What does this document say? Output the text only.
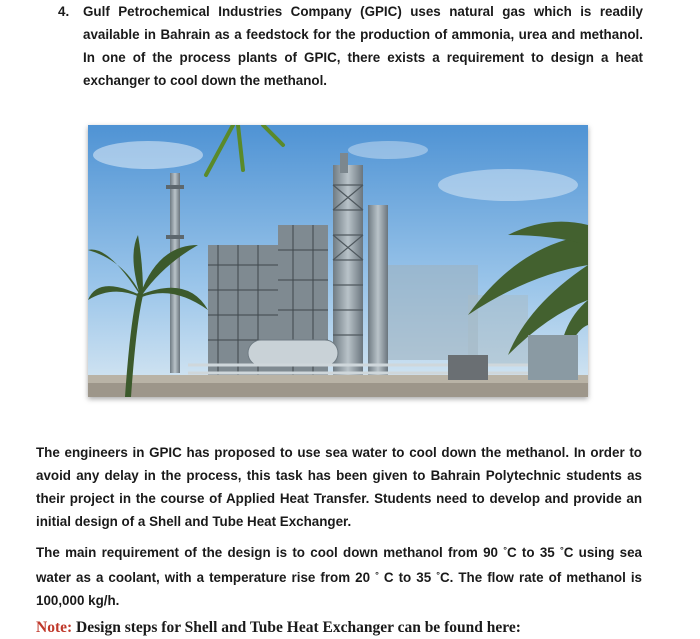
4. Gulf Petrochemical Industries Company (GPIC) uses natural gas which is readily available in Bahrain as a feedstock for the production of ammonia, urea and methanol. In one of the process plants of GPIC, there exists a requirement to design a heat exchanger to cool down the methanol.
The engineers in GPIC has proposed to use sea water to cool down the methanol. In order to avoid any delay in the process, this task has been given to Bahrain Polytechnic students as their project in the course of Applied Heat Transfer. Students need to develop and provide an initial design of a Shell and Tube Heat Exchanger.
The main requirement of the design is to cool down methanol from 90 °C to 35 °C using sea water as a coolant, with a temperature rise from 20 ° C to 35 °C. The flow rate of methanol is 100,000 kg/h.
Note: Design steps for Shell and Tube Heat Exchanger can be found here:
